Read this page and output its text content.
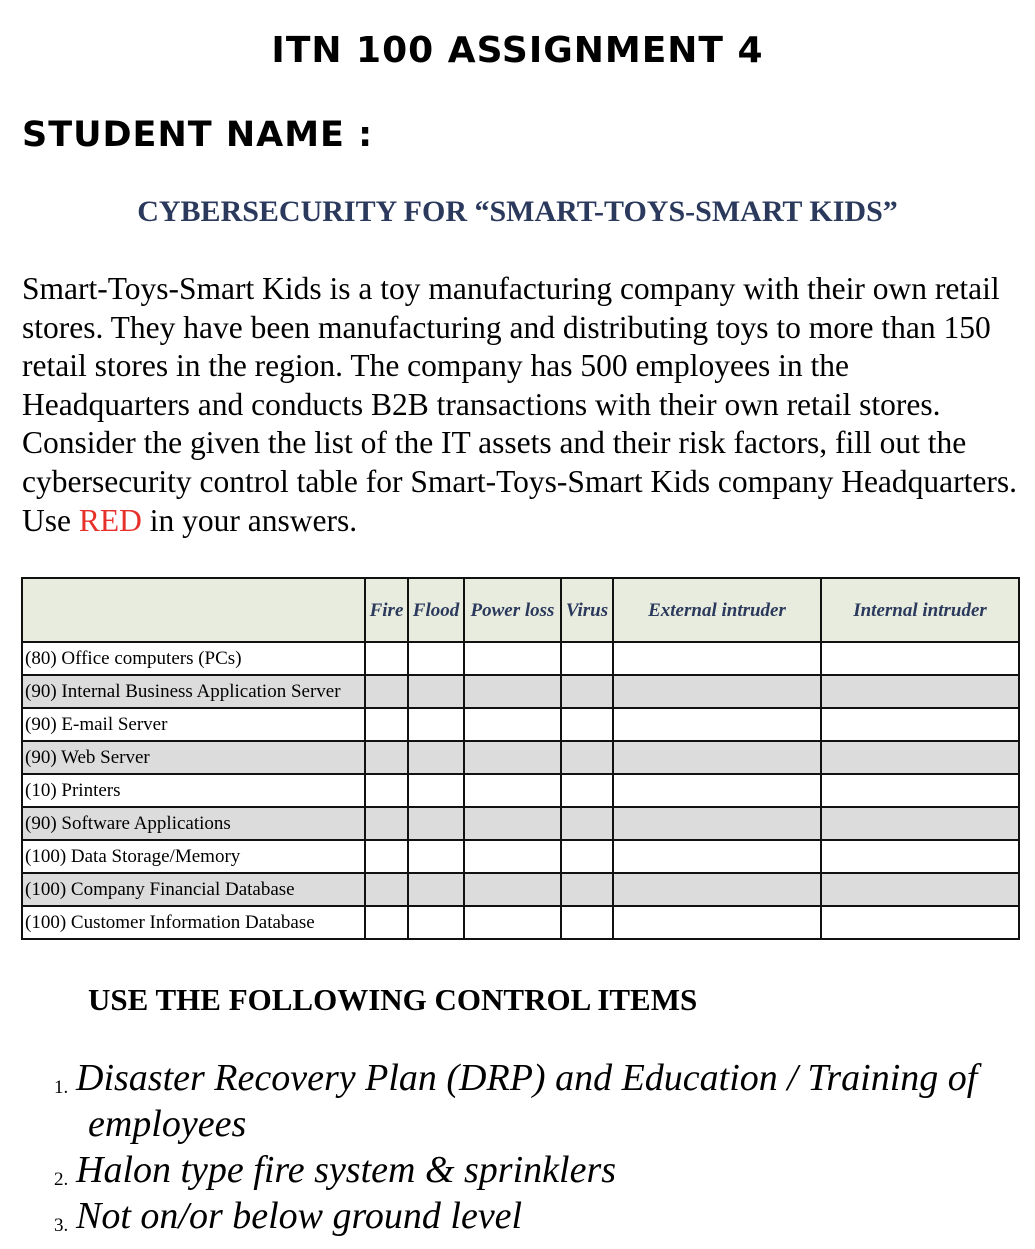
ITN 100 ASSIGNMENT 4
STUDENT NAME :
CYBERSECURITY FOR “SMART-TOYS-SMART KIDS”
Smart-Toys-Smart Kids is a toy manufacturing company with their own retail stores. They have been manufacturing and distributing toys to more than 150 retail stores in the region. The company has 500 employees in the Headquarters and conducts B2B transactions with their own retail stores. Consider the given the list of the IT assets and their risk factors, fill out the cybersecurity control table for Smart-Toys-Smart Kids company Headquarters. Use RED in your answers.
	Fire	Flood	Power loss	Virus	External intruder	Internal intruder
(80) Office computers (PCs)						
(90) Internal Business Application Server						
(90) E-mail Server						
(90) Web Server						
(10) Printers						
(90) Software Applications						
(100) Data Storage/Memory						
(100) Company Financial Database						
(100) Customer Information Database						
USE THE FOLLOWING CONTROL ITEMS
1. Disaster Recovery Plan (DRP) and Education / Training of
employees
2. Halon type fire system & sprinklers
3. Not on/or below ground level
